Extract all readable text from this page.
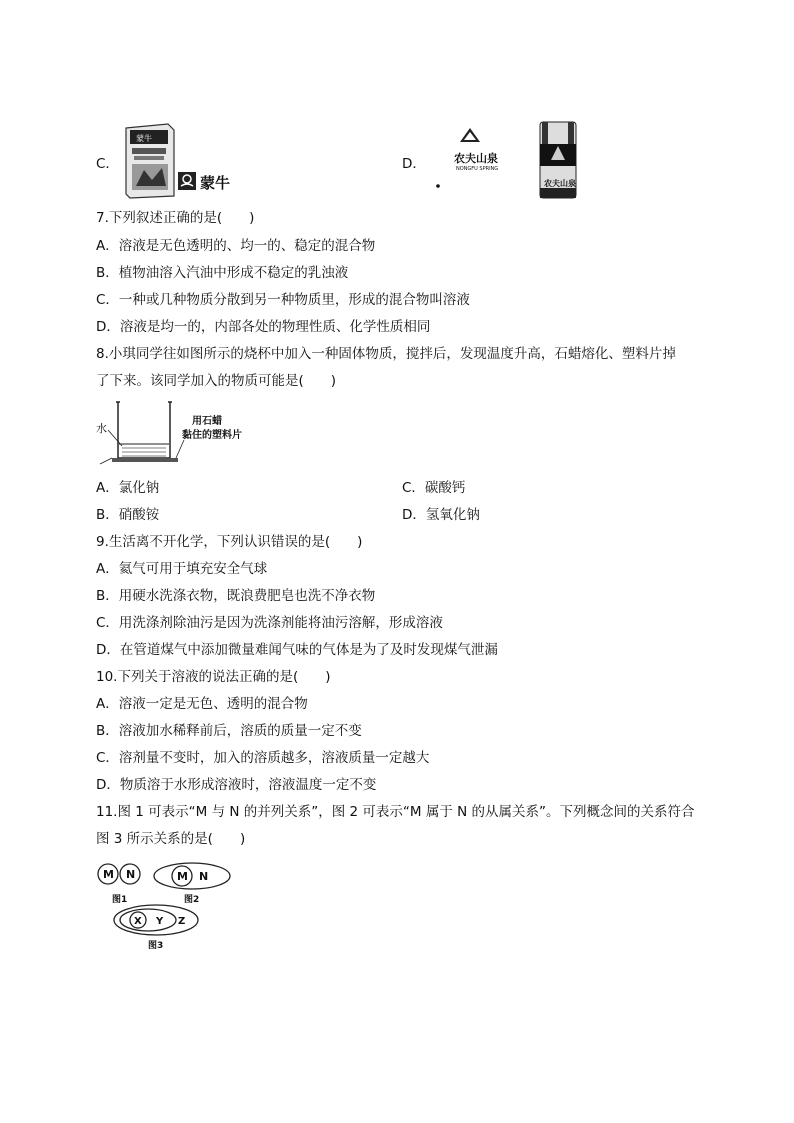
C．
蒙牛
蒙牛
D．	农夫山泉
NONGFU SPRING
农夫山泉
7.下列叙述正确的是(　　)
A．溶液是无色透明的、均一的、稳定的混合物
B．植物油溶入汽油中形成不稳定的乳浊液
C．一种或几种物质分散到另一种物质里，形成的混合物叫溶液
D．溶液是均一的，内部各处的物理性质、化学性质相同
8.小琪同学往如图所示的烧杯中加入一种固体物质，搅拌后，发现温度升高，石蜡熔化、塑料片掉
了下来。该同学加入的物质可能是(　　)
水
用石蜡
黏住的塑料片
A．氯化钠	C．碳酸钙
B．硝酸铵	D．氢氧化钠
9.生活离不开化学，下列认识错误的是(　　)
A．氦气可用于填充安全气球
B．用硬水洗涤衣物，既浪费肥皂也洗不净衣物
C．用洗涤剂除油污是因为洗涤剂能将油污溶解，形成溶液
D．在管道煤气中添加微量难闻气味的气体是为了及时发现煤气泄漏
10.下列关于溶液的说法正确的是(　　)
A．溶液一定是无色、透明的混合物
B．溶液加水稀释前后，溶质的质量一定不变
C．溶剂量不变时，加入的溶质越多，溶液质量一定越大
D．物质溶于水形成溶液时，溶液温度一定不变
11.图 1 可表示“M 与 N 的并列关系”，图 2 可表示“M 属于 N 的从属关系”。下列概念间的关系符合
图 3 所示关系的是(　　)
M N
图1
M N
图2
X Y Z
图3
